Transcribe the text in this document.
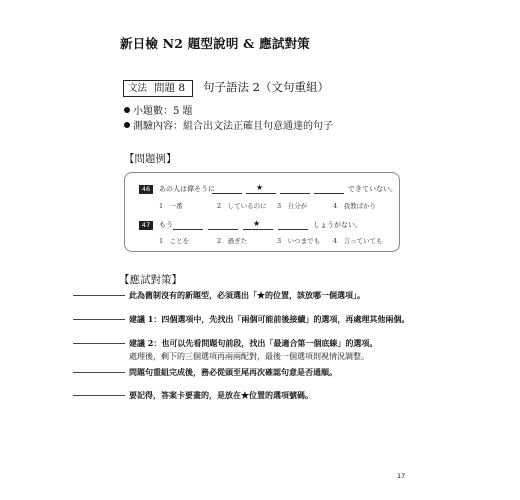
新日檢 N2 題型說明 & 應試對策
文法 問題 8 句子語法 2（文句重組）
小題數：5 題
測驗內容：組合出文法正確且句意通達的句子
【問題例】
46	あの人は偉そうに	★	できていない。
1　一番	2　しているのに 3　自分が	4　我教ばかり
47	もう	★	しょうがない。
1　ことを	2　過ぎた	3　いつまでも 4　言っていても
【應試對策】
此為舊制沒有的新題型，必須選出「★的位置，該放哪一個選項」。
建議 1：四個選項中，先找出「兩個可能前後接續」的選項，再處理其他兩個。
建議 2：也可以先看問題句前段，找出「最適合第一個底線」的選項。
處理後，剩下的三個選項再兩兩配對，最後一個選項則視情況調整。
問題句重組完成後，務必從頭至尾再次確認句意是否通順。
要記得，答案卡要畫的，是放在★位置的選項號碼。
17
